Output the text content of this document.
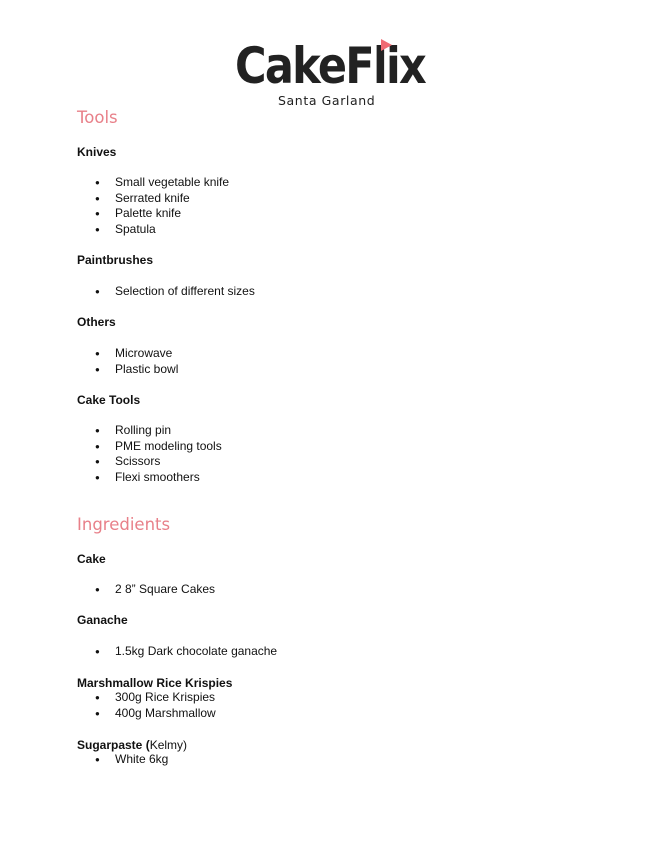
CakeFlix
Santa Garland
Tools

Knives

● Small vegetable knife
● Serrated knife
● Palette knife
● Spatula

Paintbrushes

● Selection of different sizes

Others

● Microwave
● Plastic bowl

Cake Tools

● Rolling pin
● PME modeling tools
● Scissors
● Flexi smoothers
Ingredients

Cake

● 2 8” Square Cakes

Ganache

● 1.5kg Dark chocolate ganache

Marshmallow Rice Krispies

● 300g Rice Krispies
● 400g Marshmallow

Sugarpaste (Kelmy)

● White 6kg
